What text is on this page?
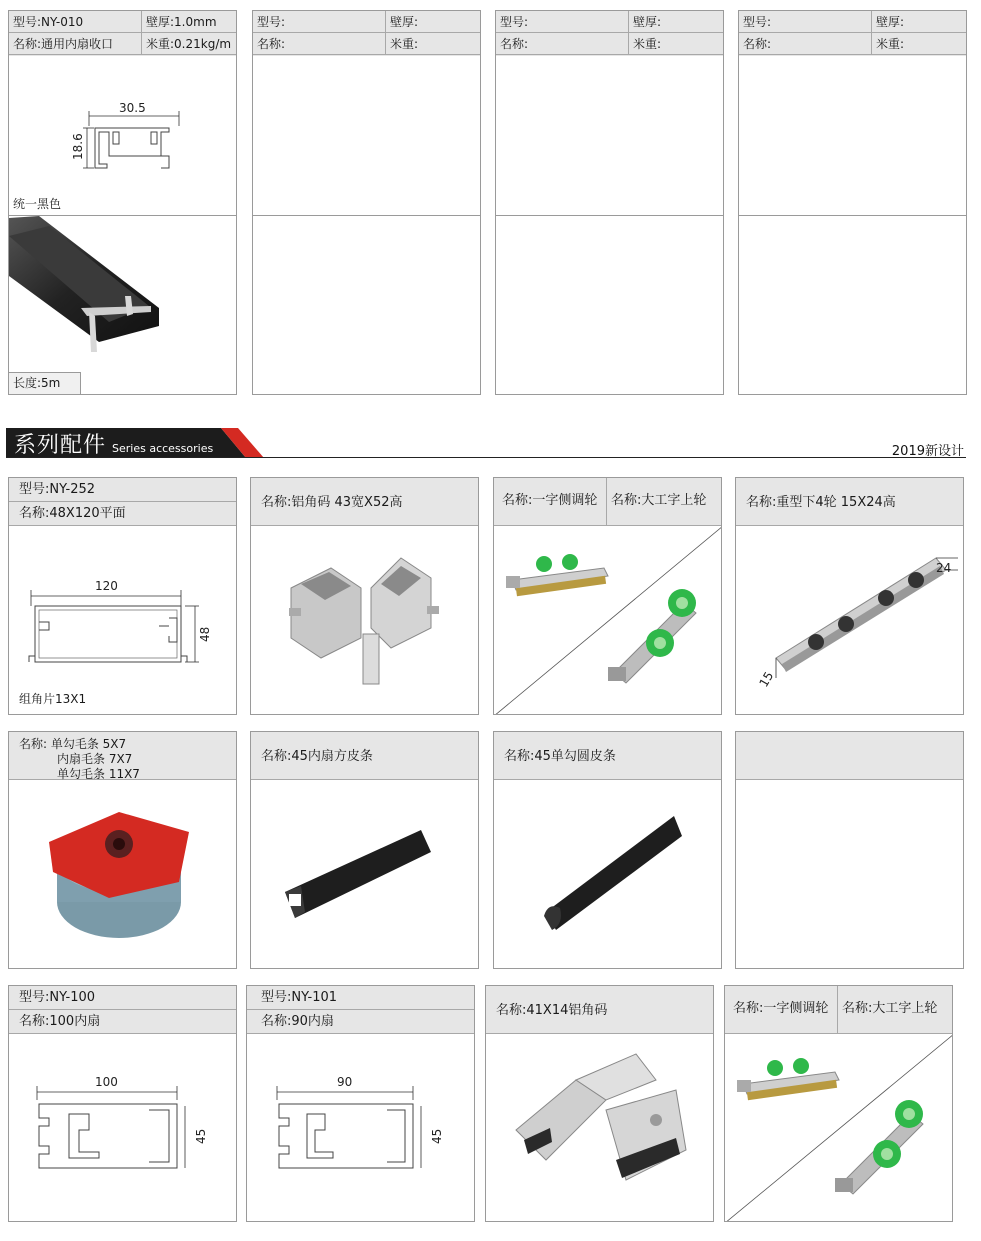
型号:NY-010	壁厚:1.0mm
名称:通用内扇收口	米重:0.21kg/m
30.5
18.6
统一黑色
长度:5m
型号:	壁厚:
名称:	米重:
型号:	壁厚:
名称:	米重:
型号:	壁厚:
名称:	米重:
系列配件 Series accessories	2019新设计
型号:NY-252
名称:48X120平面
120
48
组角片13X1
名称:铝角码 43宽X52高	名称:一字侧调轮	名称:大工字上轮	名称:重型下4轮 15X24高
24
15
名称: 单勾毛条 5X7
内扇毛条 7X7
单勾毛条 11X7
名称:45内扇方皮条	名称:45单勾圆皮条
型号:NY-100
名称:100内扇
100
45
型号:NY-101
名称:90内扇
90
45
名称:41X14铝角码	名称:一字侧调轮	名称:大工字上轮
